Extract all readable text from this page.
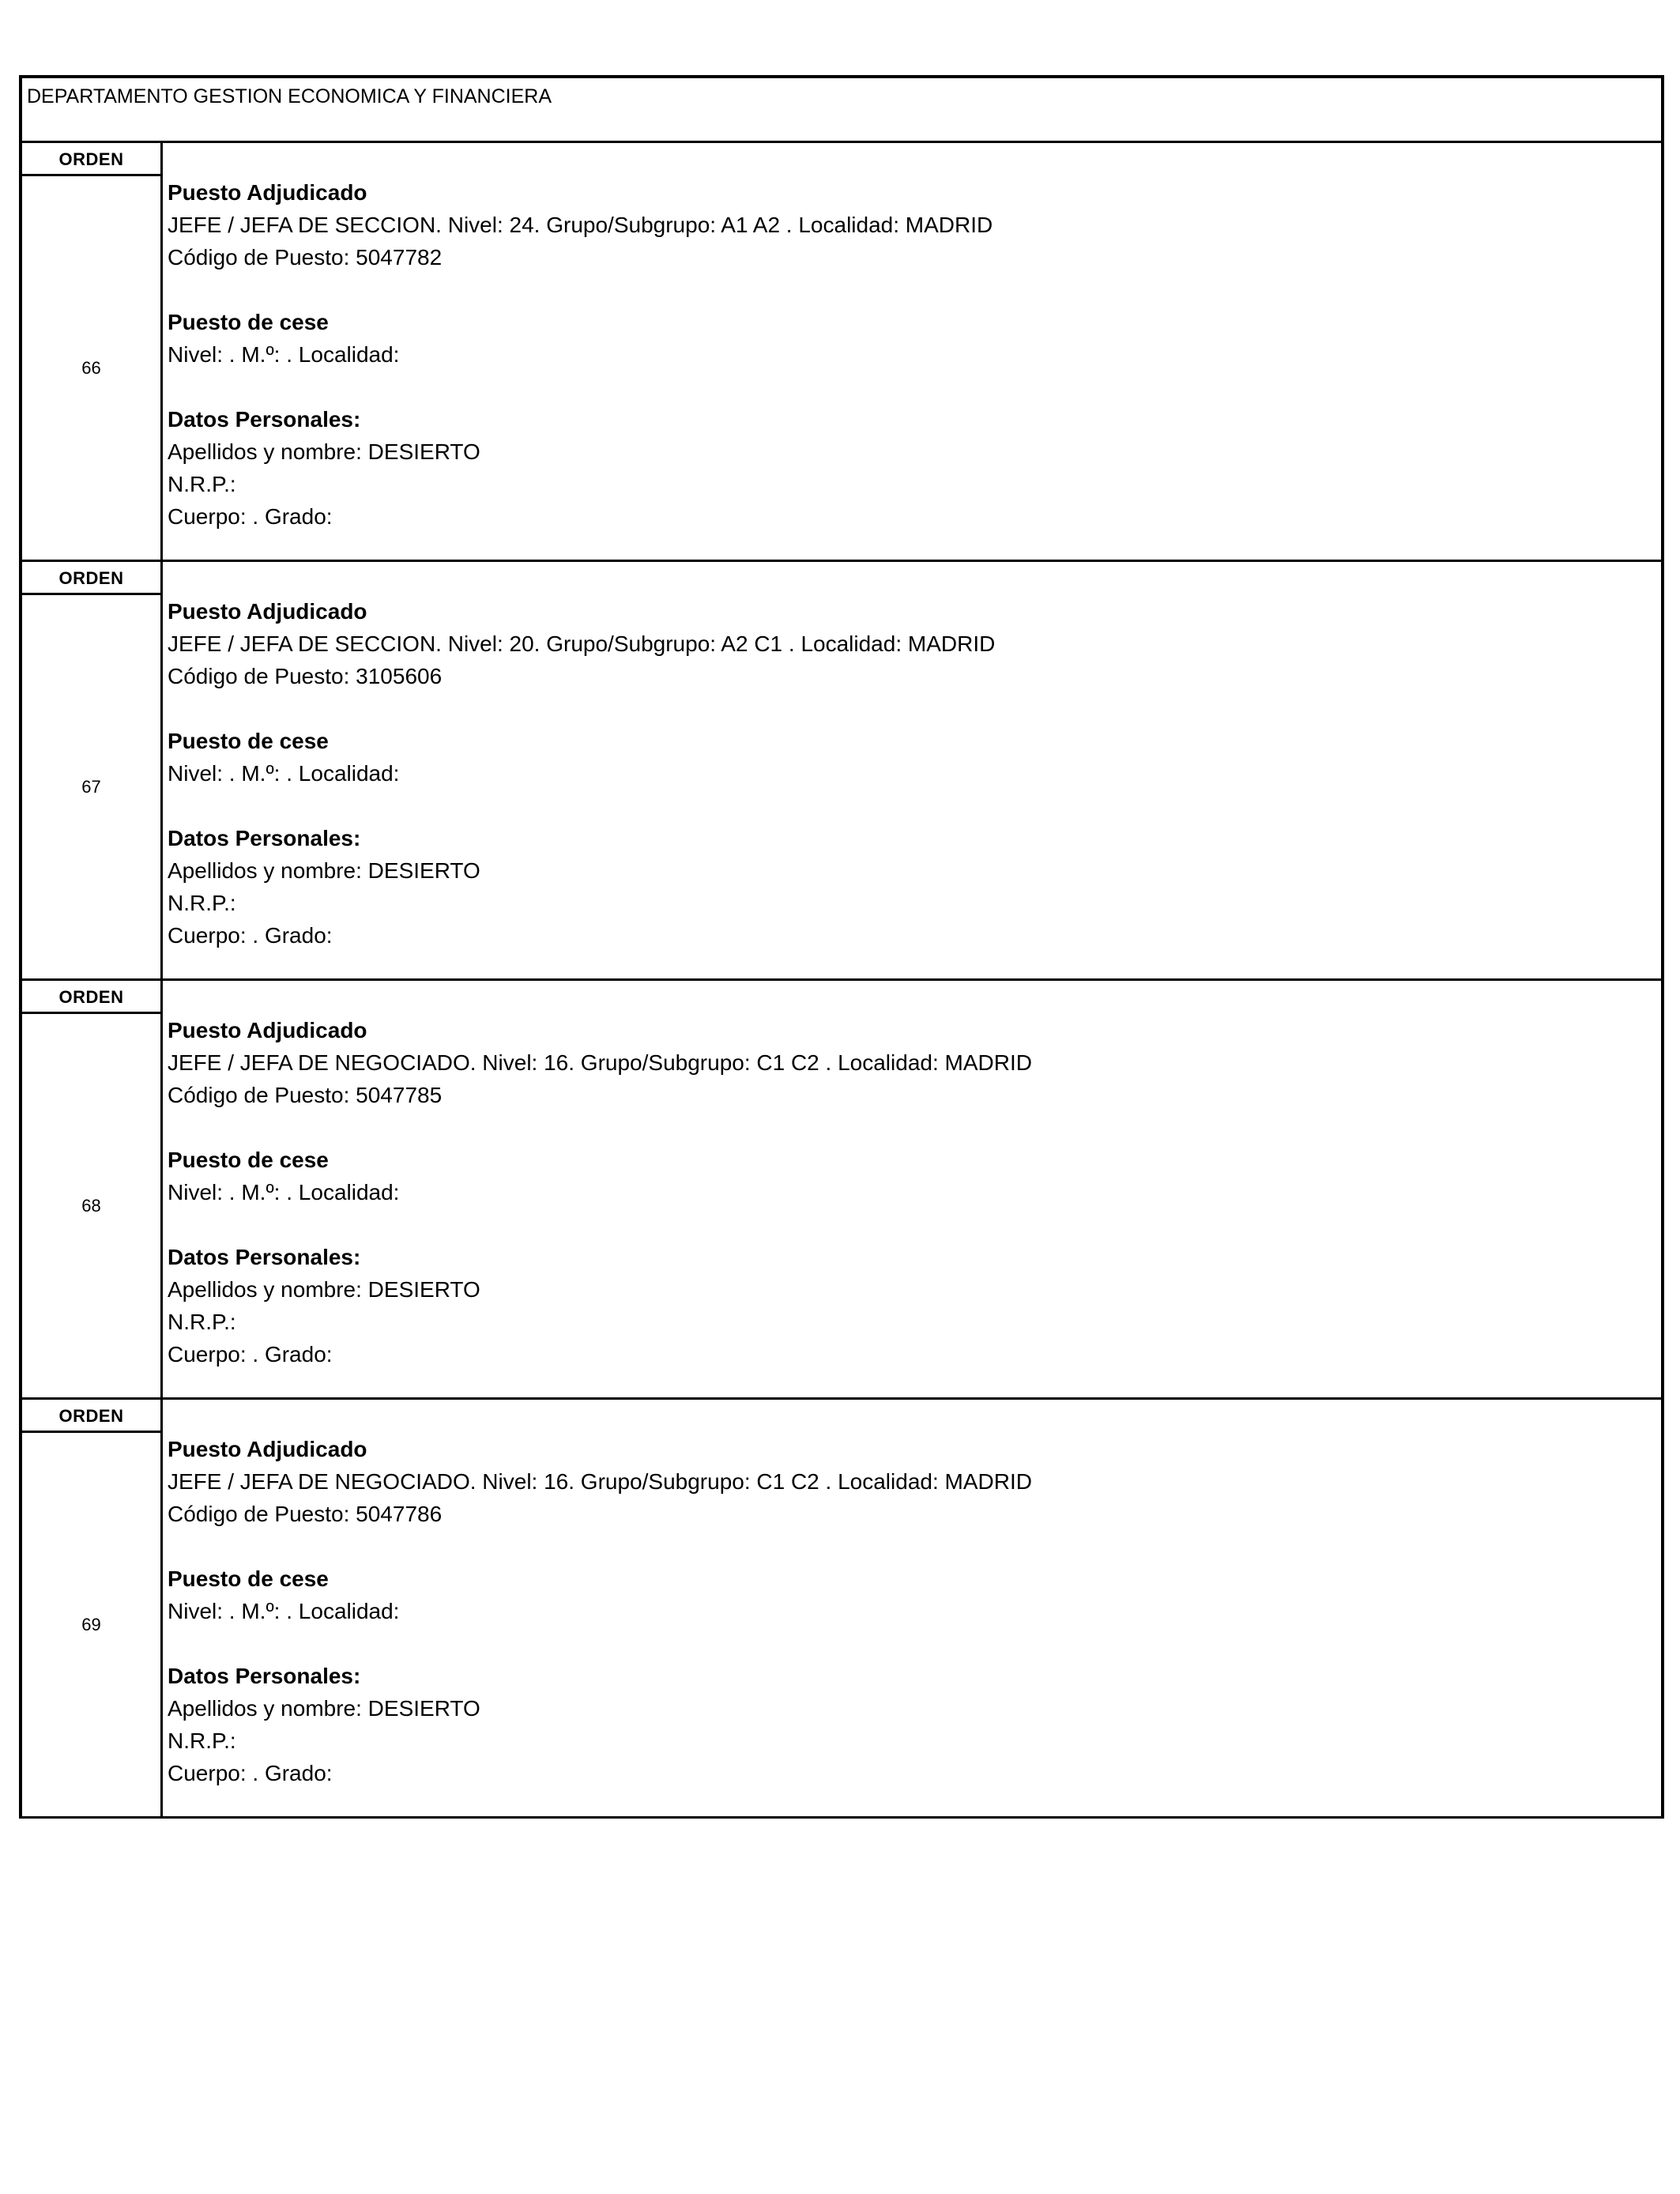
DEPARTAMENTO GESTION ECONOMICA Y FINANCIERA
ORDEN
66
Puesto Adjudicado
JEFE / JEFA DE SECCION. Nivel: 24. Grupo/Subgrupo: A1 A2 . Localidad: MADRID
Código de Puesto: 5047782
Puesto de cese
Nivel: . M.º: . Localidad:
Datos Personales:
Apellidos y nombre: DESIERTO
N.R.P.:
Cuerpo: . Grado:
ORDEN
67
Puesto Adjudicado
JEFE / JEFA DE SECCION. Nivel: 20. Grupo/Subgrupo: A2 C1 . Localidad: MADRID
Código de Puesto: 3105606
Puesto de cese
Nivel: . M.º: . Localidad:
Datos Personales:
Apellidos y nombre: DESIERTO
N.R.P.:
Cuerpo: . Grado:
ORDEN
68
Puesto Adjudicado
JEFE / JEFA DE NEGOCIADO. Nivel: 16. Grupo/Subgrupo: C1 C2 . Localidad: MADRID
Código de Puesto: 5047785
Puesto de cese
Nivel: . M.º: . Localidad:
Datos Personales:
Apellidos y nombre: DESIERTO
N.R.P.:
Cuerpo: . Grado:
ORDEN
69
Puesto Adjudicado
JEFE / JEFA DE NEGOCIADO. Nivel: 16. Grupo/Subgrupo: C1 C2 . Localidad: MADRID
Código de Puesto: 5047786
Puesto de cese
Nivel: . M.º: . Localidad:
Datos Personales:
Apellidos y nombre: DESIERTO
N.R.P.:
Cuerpo: . Grado:
